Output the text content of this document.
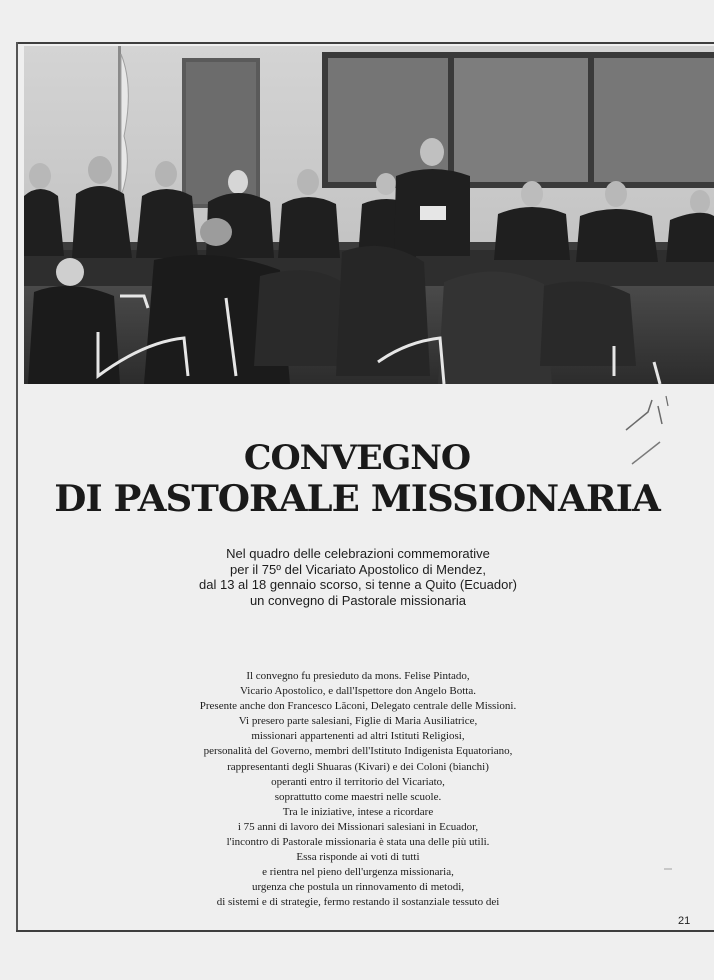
CONVEGNO
DI PASTORALE MISSIONARIA
Nel quadro delle celebrazioni commemorative
per il 75º del Vicariato Apostolico di Mendez,
dal 13 al 18 gennaio scorso, si tenne a Quito (Ecuador)
un convegno di Pastorale missionaria
Il convegno fu presieduto da mons. Felise Pintado,
Vicario Apostolico, e dall'Ispettore don Angelo Botta.
Presente anche don Francesco Lăconi, Delegato centrale delle Missioni.
Vi presero parte salesiani, Figlie di Maria Ausiliatrice,
missionari appartenenti ad altri Istituti Religiosi,
personalità del Governo, membri dell'Istituto Indigenista Equatoriano,
rappresentanti degli Shuaras (Kivari) e dei Coloni (bianchi)
operanti entro il territorio del Vicariato,
soprattutto come maestri nelle scuole.
Tra le iniziative, intese a ricordare
i 75 anni di lavoro dei Missionari salesiani in Ecuador,
l'incontro di Pastorale missionaria è stata una delle più utili.
Essa risponde ai voti di tutti
e rientra nel pieno dell'urgenza missionaria,
urgenza che postula un rinnovamento di metodi,
di sistemi e di strategie, fermo restando il sostanziale tessuto dei
21
